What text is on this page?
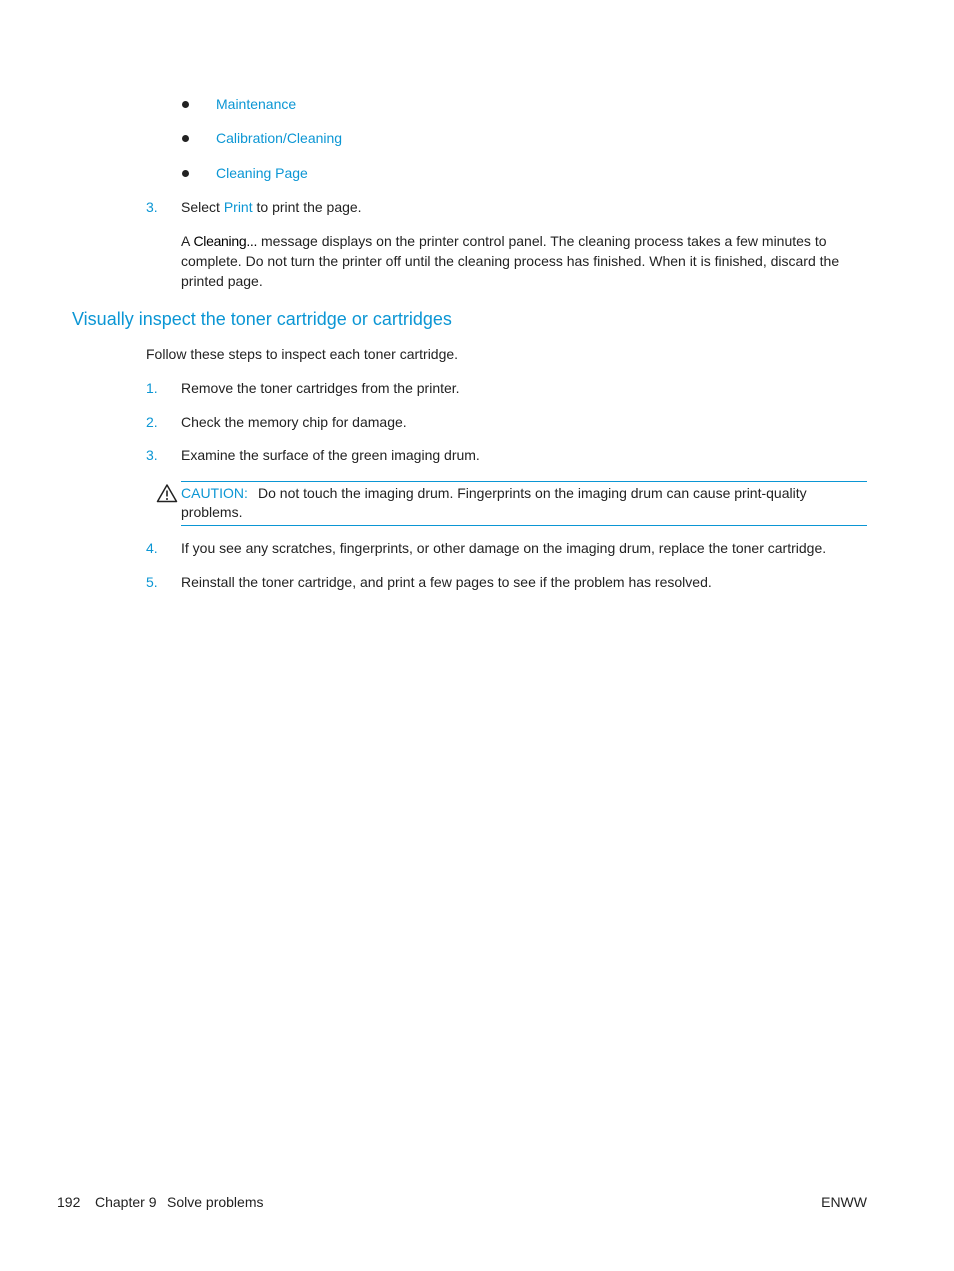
Maintenance
Calibration/Cleaning
Cleaning Page
3. Select Print to print the page.
A Cleaning... message displays on the printer control panel. The cleaning process takes a few minutes to
complete. Do not turn the printer off until the cleaning process has finished. When it is finished, discard the
printed page.
Visually inspect the toner cartridge or cartridges
Follow these steps to inspect each toner cartridge.
1. Remove the toner cartridges from the printer.
2. Check the memory chip for damage.
3. Examine the surface of the green imaging drum.
CAUTION: Do not touch the imaging drum. Fingerprints on the imaging drum can cause print-quality
problems.
4. If you see any scratches, fingerprints, or other damage on the imaging drum, replace the toner cartridge.
5. Reinstall the toner cartridge, and print a few pages to see if the problem has resolved.
192 Chapter 9 Solve problems	ENWW
